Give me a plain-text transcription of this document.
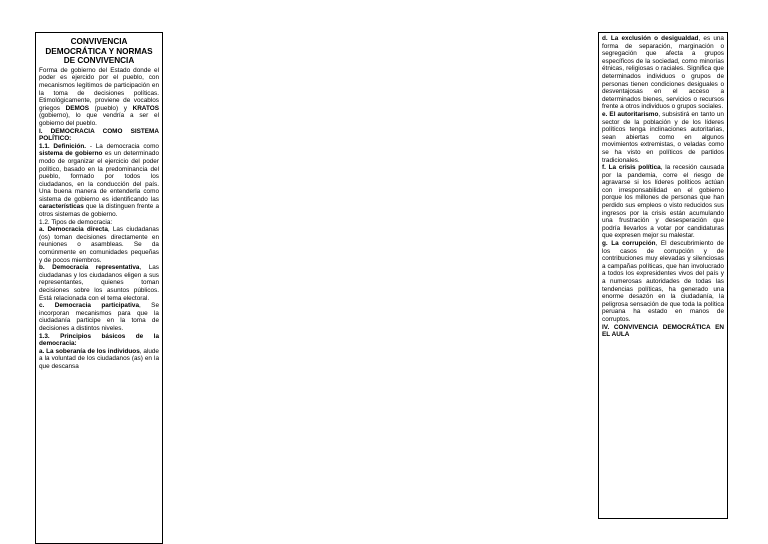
CONVIVENCIA
DEMOCRÁTICA Y NORMAS
DE CONVIVENCIA

Forma de gobierno del Estado donde el poder es ejercido por el pueblo, con mecanismos legítimos de participación en la toma de decisiones políticas. Etimológicamente, proviene de vocablos griegos DEMOS (pueblo) y KRATOS (gobierno), lo que vendría a ser el gobierno del pueblo.

I. DEMOCRACIA COMO SISTEMA POLÍTICO:

1.1. Definición. - La democracia como sistema de gobierno es un determinado modo de organizar el ejercicio del poder político, basado en la predominancia del pueblo, formado por todos los ciudadanos, en la conducción del país. Una buena manera de entenderla como sistema de gobierno es identificando las características que la distinguen frente a otros sistemas de gobierno.

1.2. Tipos de democracia:

a. Democracia directa, Las ciudadanas (os) toman decisiones directamente en reuniones o asambleas. Se da comúnmente en comunidades pequeñas y de pocos miembros.

b. Democracia representativa, Las ciudadanas y los ciudadanos eligen a sus representantes, quienes toman decisiones sobre los asuntos públicos. Está relacionada con el tema electoral.

c. Democracia participativa, Se incorporan mecanismos para que la ciudadanía participe en la toma de decisiones a distintos niveles.

1.3. Principios básicos de la democracia:

a. La soberanía de los individuos, alude a la voluntad de los ciudadanos (as) en la que descansa

d. La exclusión o desigualdad, es una forma de separación, marginación o segregación que afecta a grupos específicos de la sociedad, como minorías étnicas, religiosas o raciales. Significa que determinados individuos o grupos de personas tienen condiciones desiguales o desventajosas en el acceso a determinados bienes, servicios o recursos frente a otros individuos o grupos sociales.

e. El autoritarismo, subsistirá en tanto un sector de la población y de los líderes políticos tenga inclinaciones autoritarias, sean abiertas como en algunos movimientos extremistas, o veladas como se ha visto en políticos de partidos tradicionales.

f. La crisis política, la recesión causada por la pandemia, corre el riesgo de agravarse si los líderes políticos actúan con irresponsabilidad en el gobierno porque los millones de personas que han perdido sus empleos o visto reducidos sus ingresos por la crisis están acumulando una frustración y desesperación que podría llevarlos a votar por candidaturas que expresen mejor su malestar.

g. La corrupción, El descubrimiento de los casos de corrupción y de contribuciones muy elevadas y silenciosas a campañas políticas, que han involucrado a todos los expresidentes vivos del país y a numerosas autoridades de todas las tendencias políticas, ha generado una enorme desazón en la ciudadanía, la peligrosa sensación de que toda la política peruana ha estado en manos de corruptos.

IV. CONVIVENCIA DEMOCRÁTICA EN EL AULA
